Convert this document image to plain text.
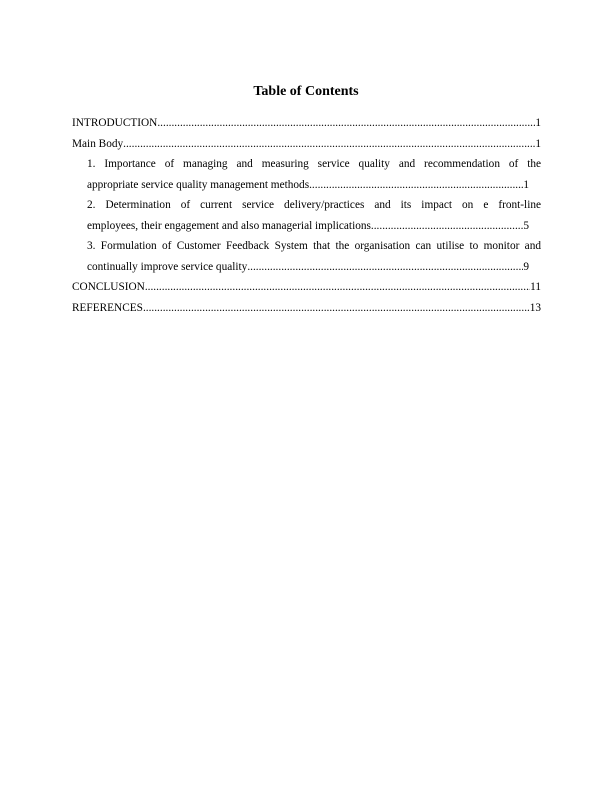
Table of Contents
INTRODUCTION .....	1
Main Body .....	1
1. Importance of managing and measuring service quality and recommendation of the
appropriate service quality management methods .....	1
2. Determination of current service delivery/practices and its impact on e front-line
employees, their engagement and also managerial implications .....	5
3. Formulation of Customer Feedback System that the organisation can utilise to monitor and
continually improve service quality .....	9
CONCLUSION .....	11
REFERENCES .....	13
